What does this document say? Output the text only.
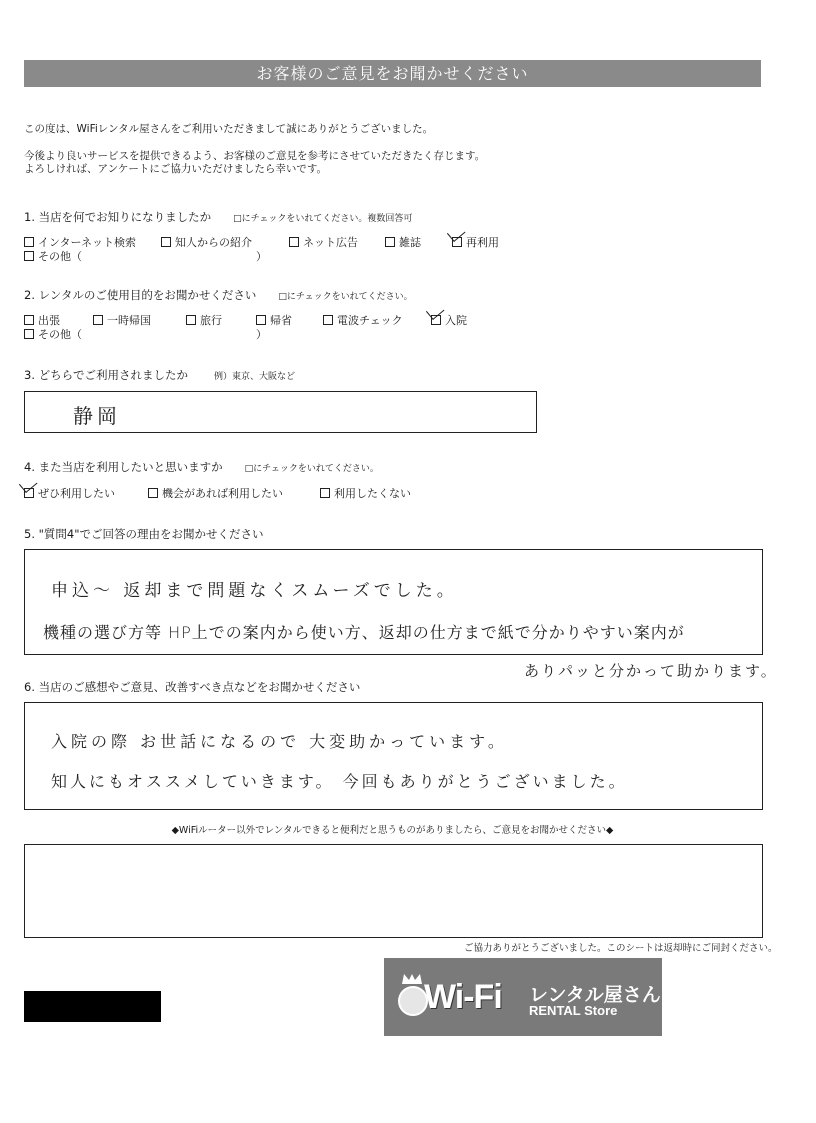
お客様のご意見をお聞かせください
この度は、WiFiレンタル屋さんをご利用いただきまして誠にありがとうございました。
今後より良いサービスを提供できるよう、お客様のご意見を参考にさせていただきたく存じます。
よろしければ、アンケートにご協力いただけましたら幸いです。
1. 当店を何でお知りになりましたか □にチェックをいれてください。複数回答可
インターネット検索	知人からの紹介	ネット広告	雑誌	再利用
その他（	）
2. レンタルのご使用目的をお聞かせください □にチェックをいれてください。
出張	一時帰国	旅行	帰省	電波チェック	入院
その他（	）
3. どちらでご利用されましたか	例）東京、大阪など
静岡
4. また当店を利用したいと思いますか □にチェックをいれてください。
ぜひ利用したい	機会があれば利用したい	利用したくない
5. "質問4"でご回答の理由をお聞かせください
申込～ 返却まで問題なくスムーズでした。
機種の選び方等 HP上での案内から使い方、返却の仕方まで紙で分かりやすい案内が
ありパッと分かって助かります。
6. 当店のご感想やご意見、改善すべき点などをお聞かせください
入院の際 お世話になるので 大変助かっています。
知人にもオススメしていきます。 今回もありがとうございました。
◆WiFiルーター以外でレンタルできると便利だと思うものがありましたら、ご意見をお聞かせください◆
ご協力ありがとうございました。このシートは返却時にご同封ください。
Wi-Fi レンタル屋さん
RENTAL Store
